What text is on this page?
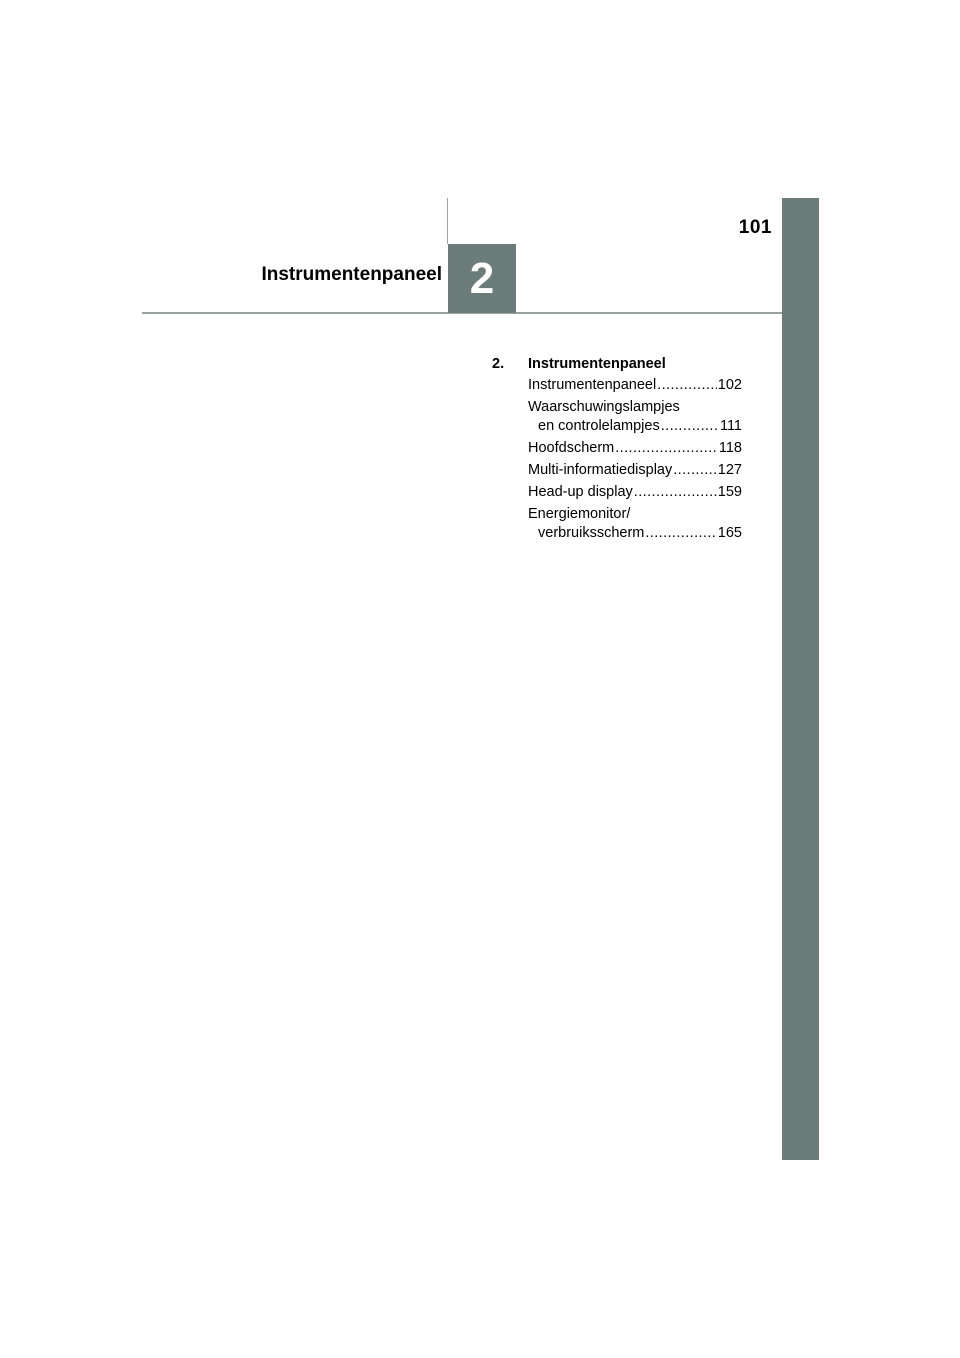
101
Instrumentenpaneel 2
2.	Instrumentenpaneel
Instrumentenpaneel .....	102
Waarschuwingslampjes
en controlelampjes .....	111
Hoofdscherm .....	118
Multi-informatiedisplay .....	127
Head-up display .....	159
Energiemonitor/
verbruiksscherm .....	165
